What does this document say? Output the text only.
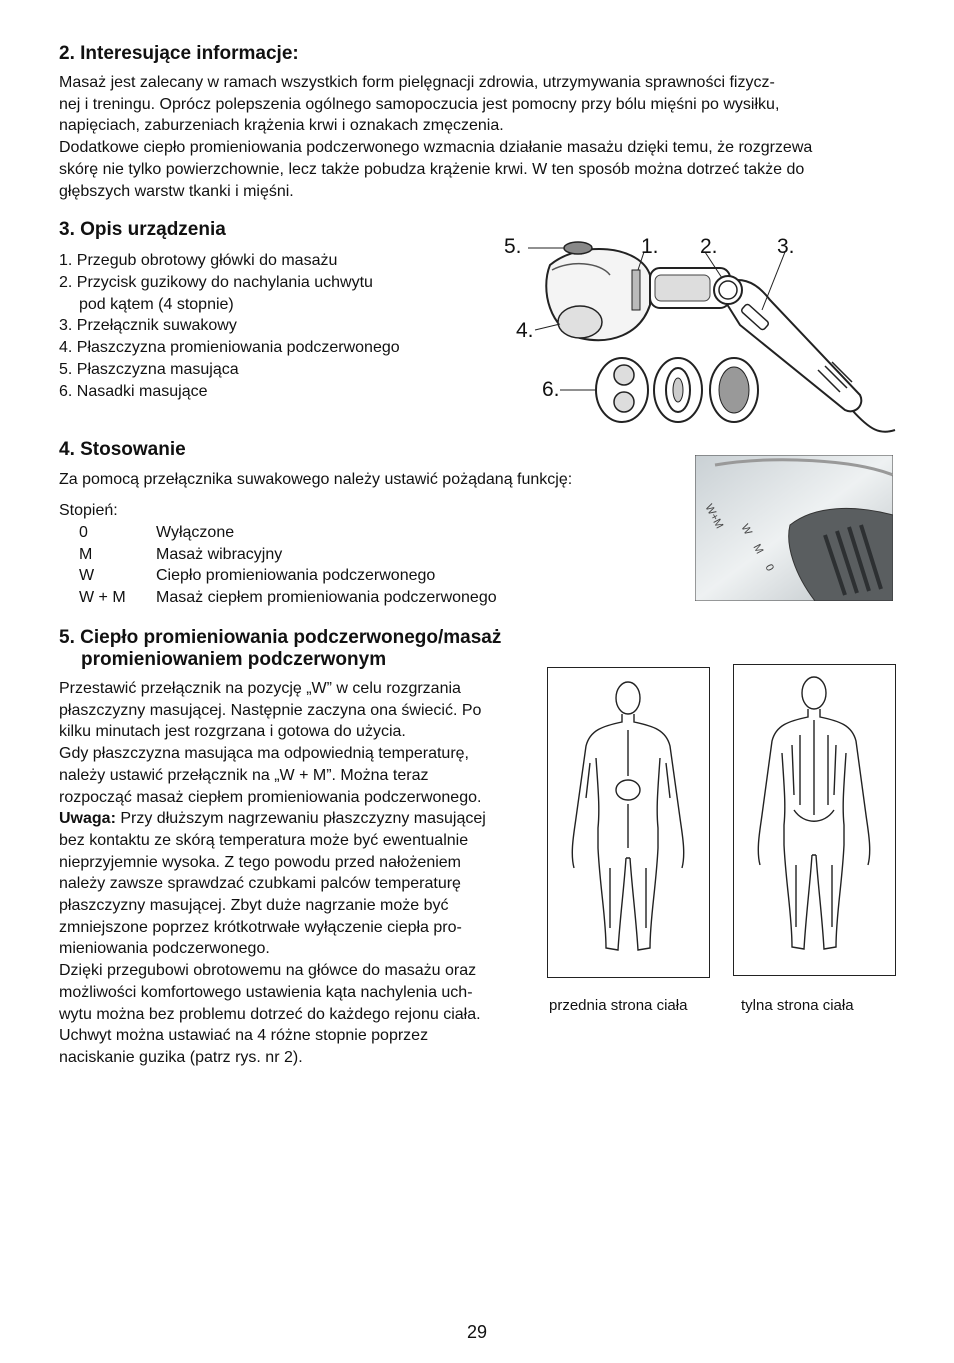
2. Interesujące informacje:
Masaż jest zalecany w ramach wszystkich form pielęgnacji zdrowia, utrzymywania sprawności fizycz-
nej i treningu. Oprócz polepszenia ogólnego samopoczucia jest pomocny przy bólu mięśni po wysiłku,
napięciach, zaburzeniach krążenia krwi i oznakach zmęczenia.
Dodatkowe ciepło promieniowania podczerwonego wzmacnia działanie masażu dzięki temu, że rozgrzewa
skórę nie tylko powierzchownie, lecz także pobudza krążenie krwi. W ten sposób można dotrzeć także do
głębszych warstw tkanki i mięśni.
3. Opis urządzenia
1. Przegub obrotowy główki do masażu
2. Przycisk guzikowy do nachylania uchwytu
pod kątem (4 stopnie)
3. Przełącznik suwakowy
4. Płaszczyzna promieniowania podczerwonego
5. Płaszczyzna masująca
6. Nasadki masujące
5.	1. 2.	3.
4.
6.
4. Stosowanie
Za pomocą przełącznika suwakowego należy ustawić pożądaną funkcję:
Stopień:
0	Wyłączone
M	Masaż wibracyjny
W	Ciepło promieniowania podczerwonego
W + M	Masaż ciepłem promieniowania podczerwonego
W+M W
M
0
5. Ciepło promieniowania podczerwonego/masaż
promieniowaniem podczerwonym
Przestawić przełącznik na pozycję „W” w celu rozgrzania
płaszczyzny masującej. Następnie zaczyna ona świecić. Po
kilku minutach jest rozgrzana i gotowa do użycia.
Gdy płaszczyzna masująca ma odpowiednią temperaturę,
należy ustawić przełącznik na „W + M”. Można teraz
rozpocząć masaż ciepłem promieniowania podczerwonego.
Uwaga: Przy dłuższym nagrzewaniu płaszczyzny masującej
bez kontaktu ze skórą temperatura może być ewentualnie
nieprzyjemnie wysoka. Z tego powodu przed nałożeniem
należy zawsze sprawdzać czubkami palców temperaturę
płaszczyzny masującej. Zbyt duże nagrzanie może być
zmniejszone poprzez krótkotrwałe wyłączenie ciepła pro-
mieniowania podczerwonego.
Dzięki przegubowi obrotowemu na główce do masażu oraz
możliwości komfortowego ustawienia kąta nachylenia uch-
wytu można bez problemu dotrzeć do każdego rejonu ciała.
Uchwyt można ustawiać na 4 różne stopnie poprzez
naciskanie guzika (patrz rys. nr 2).
przednia strona ciała	tylna strona ciała
29
